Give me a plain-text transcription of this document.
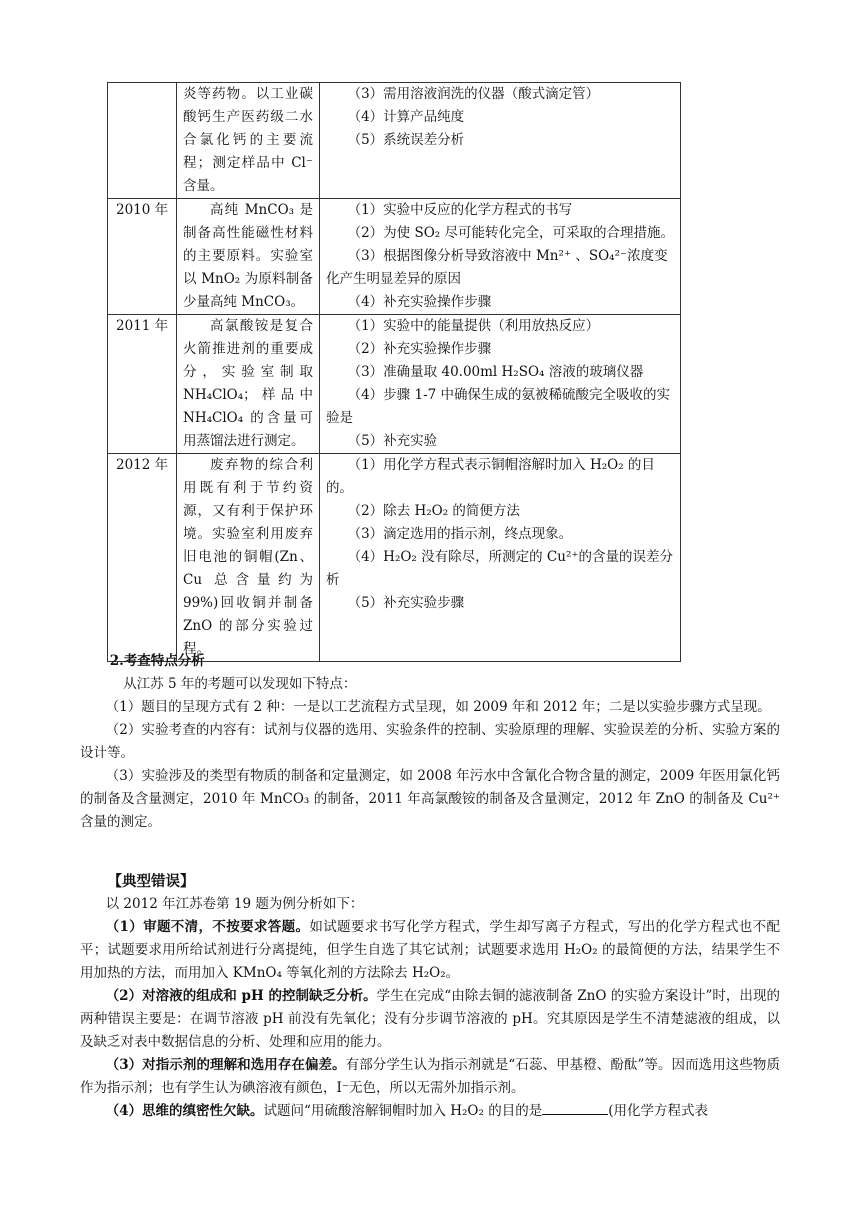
	炎等药物。以工业碳酸钙生产医药级二水合氯化钙的主要流程；测定样品中 Cl⁻含量。	（3）需用溶液润洗的仪器（酸式滴定管）

（4）计算产品纯度

（5）系统误差分析

2010 年	高纯 MnCO₃ 是制备高性能磁性材料的主要原料。实验室以 MnO₂ 为原料制备少量高纯 MnCO₃。	（1）实验中反应的化学方程式的书写

（2）为使 SO₂ 尽可能转化完全，可采取的合理措施。

（3）根据图像分析导致溶液中 Mn²⁺ 、SO₄²⁻浓度变化产生明显差异的原因

（4）补充实验操作步骤

2011 年	高氯酸铵是复合火箭推进剂的重要成分，实验室制取 NH₄ClO₄；样品中 NH₄ClO₄ 的含量可用蒸馏法进行测定。	（1）实验中的能量提供（利用放热反应）

（2）补充实验操作步骤

（3）准确量取 40.00ml H₂SO₄ 溶液的玻璃仪器

（4）步骤 1-7 中确保生成的氨被稀硫酸完全吸收的实验是

（5）补充实验

2012 年	废弃物的综合利用既有利于节约资源，又有利于保护环境。实验室利用废弃旧电池的铜帽(Zn、Cu 总含量约为 99%)回收铜并制备 ZnO 的部分实验过程。	（1）用化学方程式表示铜帽溶解时加入 H₂O₂ 的目的。

（2）除去 H₂O₂ 的简便方法

（3）滴定选用的指示剂，终点现象。

（4）H₂O₂ 没有除尽，所测定的 Cu²⁺的含量的误差分析

（5）补充实验步骤

2.考查特点分析

从江苏 5 年的考题可以发现如下特点：

（1）题目的呈现方式有 2 种：一是以工艺流程方式呈现，如 2009 年和 2012 年；二是以实验步骤方式呈现。

（2）实验考查的内容有：试剂与仪器的选用、实验条件的控制、实验原理的理解、实验误差的分析、实验方案的设计等。

（3）实验涉及的类型有物质的制备和定量测定，如 2008 年污水中含氰化合物含量的测定，2009 年医用氯化钙的制备及含量测定，2010 年 MnCO₃ 的制备，2011 年高氯酸铵的制备及含量测定，2012 年 ZnO 的制备及 Cu²⁺含量的测定。

【典型错误】

以 2012 年江苏卷第 19 题为例分析如下：

（1）审题不清，不按要求答题。如试题要求书写化学方程式，学生却写离子方程式，写出的化学方程式也不配平；试题要求用所给试剂进行分离提纯，但学生自选了其它试剂；试题要求选用 H₂O₂ 的最简便的方法，结果学生不用加热的方法，而用加入 KMnO₄ 等氧化剂的方法除去 H₂O₂。

（2）对溶液的组成和 pH 的控制缺乏分析。学生在完成“由除去铜的滤液制备 ZnO 的实验方案设计”时，出现的两种错误主要是：在调节溶液 pH 前没有先氧化；没有分步调节溶液的 pH。究其原因是学生不清楚滤液的组成，以及缺乏对表中数据信息的分析、处理和应用的能力。

（3）对指示剂的理解和选用存在偏差。有部分学生认为指示剂就是“石蕊、甲基橙、酚酞”等。因而选用这些物质作为指示剂；也有学生认为碘溶液有颜色，I⁻无色，所以无需外加指示剂。

（4）思维的缜密性欠缺。试题问“用硫酸溶解铜帽时加入 H₂O₂ 的目的是	(用化学方程式表
